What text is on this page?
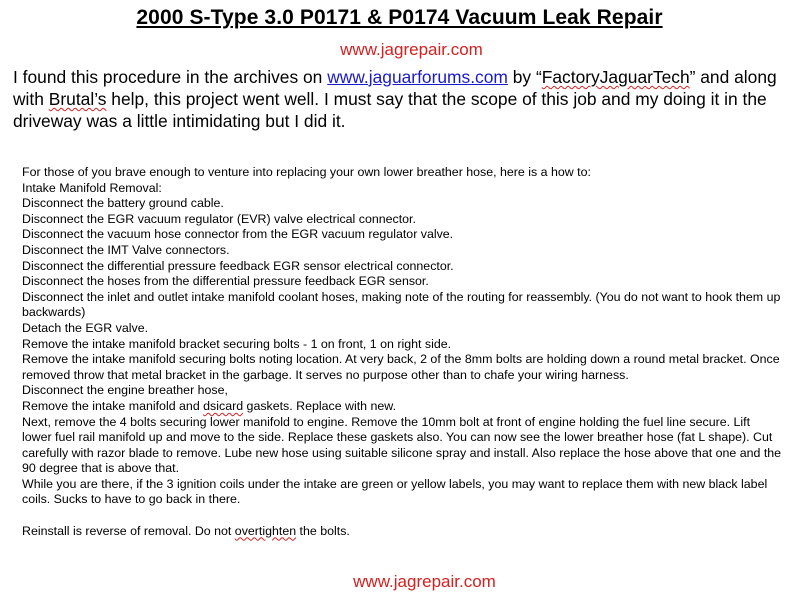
2000 S-Type 3.0 P0171 & P0174 Vacuum Leak Repair
www.jagrepair.com
I found this procedure in the archives on www.jaguarforums.com by “FactoryJaguarTech” and along with Brutal’s help, this project went well. I must say that the scope of this job and my doing it in the driveway was a little intimidating but I did it.
For those of you brave enough to venture into replacing your own lower breather hose, here is a how to:
Intake Manifold Removal:
Disconnect the battery ground cable.
Disconnect the EGR vacuum regulator (EVR) valve electrical connector.
Disconnect the vacuum hose connector from the EGR vacuum regulator valve.
Disconnect the IMT Valve connectors.
Disconnect the differential pressure feedback EGR sensor electrical connector.
Disconnect the hoses from the differential pressure feedback EGR sensor.
Disconnect the inlet and outlet intake manifold coolant hoses, making note of the routing for reassembly. (You do not want to hook them up backwards)
Detach the EGR valve.
Remove the intake manifold bracket securing bolts - 1 on front, 1 on right side.
Remove the intake manifold securing bolts noting location. At very back, 2 of the 8mm bolts are holding down a round metal bracket. Once removed throw that metal bracket in the garbage. It serves no purpose other than to chafe your wiring harness.
Disconnect the engine breather hose,
Remove the intake manifold and dsicard gaskets. Replace with new.
Next, remove the 4 bolts securing lower manifold to engine. Remove the 10mm bolt at front of engine holding the fuel line secure. Lift lower fuel rail manifold up and move to the side. Replace these gaskets also. You can now see the lower breather hose (fat L shape). Cut carefully with razor blade to remove. Lube new hose using suitable silicone spray and install. Also replace the hose above that one and the 90 degree that is above that.
While you are there, if the 3 ignition coils under the intake are green or yellow labels, you may want to replace them with new black label coils. Sucks to have to go back in there.
Reinstall is reverse of removal. Do not overtighten the bolts.
www.jagrepair.com
